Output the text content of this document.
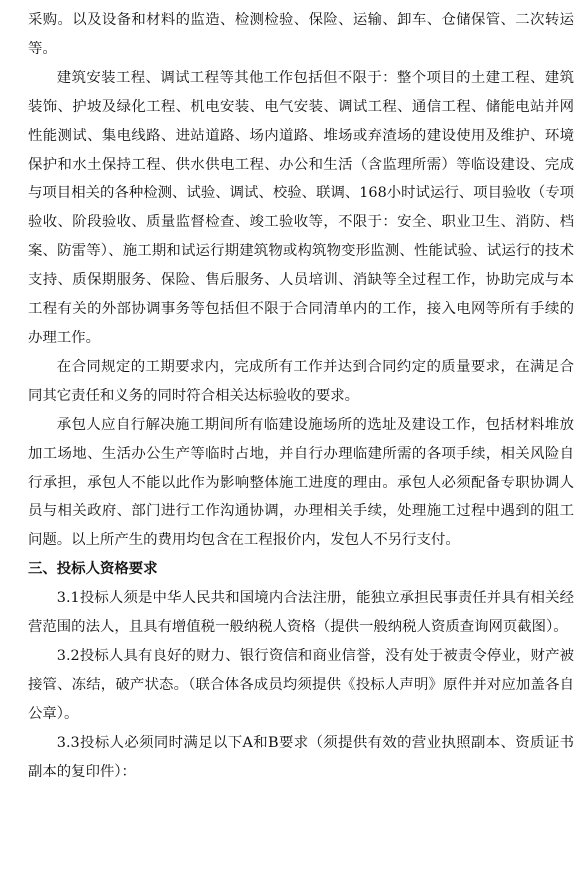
采购。以及设备和材料的监造、检测检验、保险、运输、卸车、仓储保管、二次转运等。

建筑安装工程、调试工程等其他工作包括但不限于：整个项目的土建工程、建筑装饰、护坡及绿化工程、机电安装、电气安装、调试工程、通信工程、储能电站并网性能测试、集电线路、进站道路、场内道路、堆场或弃渣场的建设使用及维护、环境保护和水土保持工程、供水供电工程、办公和生活（含监理所需）等临设建设、完成与项目相关的各种检测、试验、调试、校验、联调、168小时试运行、项目验收（专项验收、阶段验收、质量监督检查、竣工验收等，不限于：安全、职业卫生、消防、档案、防雷等）、施工期和试运行期建筑物或构筑物变形监测、性能试验、试运行的技术支持、质保期服务、保险、售后服务、人员培训、消缺等全过程工作，协助完成与本工程有关的外部协调事务等包括但不限于合同清单内的工作，接入电网等所有手续的办理工作。

在合同规定的工期要求内，完成所有工作并达到合同约定的质量要求，在满足合同其它责任和义务的同时符合相关达标验收的要求。

承包人应自行解决施工期间所有临建设施场所的选址及建设工作，包括材料堆放加工场地、生活办公生产等临时占地，并自行办理临建所需的各项手续，相关风险自行承担，承包人不能以此作为影响整体施工进度的理由。承包人必须配备专职协调人员与相关政府、部门进行工作沟通协调，办理相关手续，处理施工过程中遇到的阻工问题。以上所产生的费用均包含在工程报价内，发包人不另行支付。

三、投标人资格要求

3.1投标人须是中华人民共和国境内合法注册，能独立承担民事责任并具有相关经营范围的法人，且具有增值税一般纳税人资格（提供一般纳税人资质查询网页截图）。

3.2投标人具有良好的财力、银行资信和商业信誉，没有处于被责令停业，财产被接管、冻结，破产状态。（联合体各成员均须提供《投标人声明》原件并对应加盖各自公章）。

3.3投标人必须同时满足以下A和B要求（须提供有效的营业执照副本、资质证书副本的复印件）：
